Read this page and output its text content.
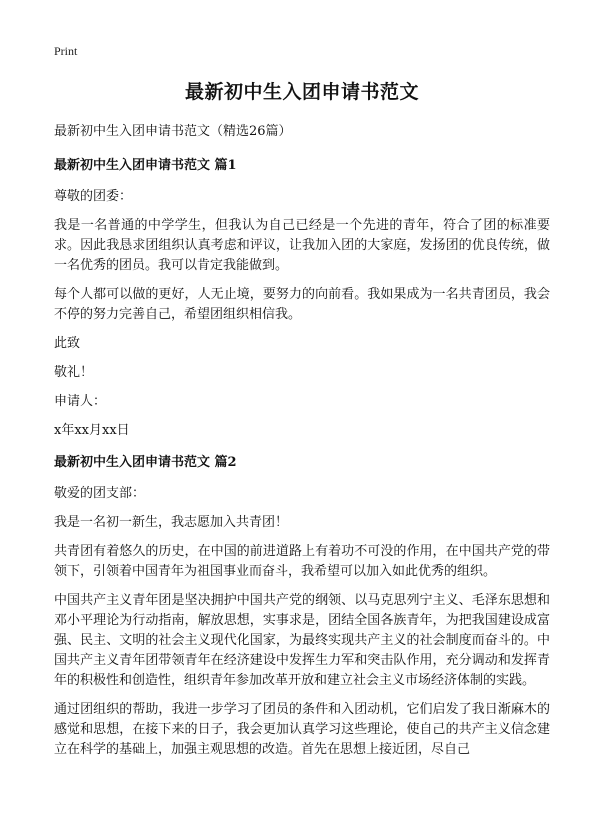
Print
最新初中生入团申请书范文

最新初中生入团申请书范文（精选26篇）

最新初中生入团申请书范文 篇1

尊敬的团委：

我是一名普通的中学学生，但我认为自己已经是一个先进的青年，符合了团的标准要求。因此我恳求团组织认真考虑和评议，让我加入团的大家庭，发扬团的优良传统，做一名优秀的团员。我可以肯定我能做到。

每个人都可以做的更好，人无止境，要努力的向前看。我如果成为一名共青团员，我会不停的努力完善自己，希望团组织相信我。

此致

敬礼！

申请人：

x年xx月xx日

最新初中生入团申请书范文 篇2

敬爱的团支部：

我是一名初一新生，我志愿加入共青团！

共青团有着悠久的历史，在中国的前进道路上有着功不可没的作用，在中国共产党的带领下，引领着中国青年为祖国事业而奋斗，我希望可以加入如此优秀的组织。

中国共产主义青年团是坚决拥护中国共产党的纲领、以马克思列宁主义、毛泽东思想和邓小平理论为行动指南，解放思想，实事求是，团结全国各族青年，为把我国建设成富强、民主、文明的社会主义现代化国家，为最终实现共产主义的社会制度而奋斗的。中国共产主义青年团带领青年在经济建设中发挥生力军和突击队作用，充分调动和发挥青年的积极性和创造性，组织青年参加改革开放和建立社会主义市场经济体制的实践。

通过团组织的帮助，我进一步学习了团员的条件和入团动机，它们启发了我日渐麻木的感觉和思想，在接下来的日子，我会更加认真学习这些理论，使自己的共产主义信念建立在科学的基础上，加强主观思想的改造。首先在思想上接近团，尽自己
